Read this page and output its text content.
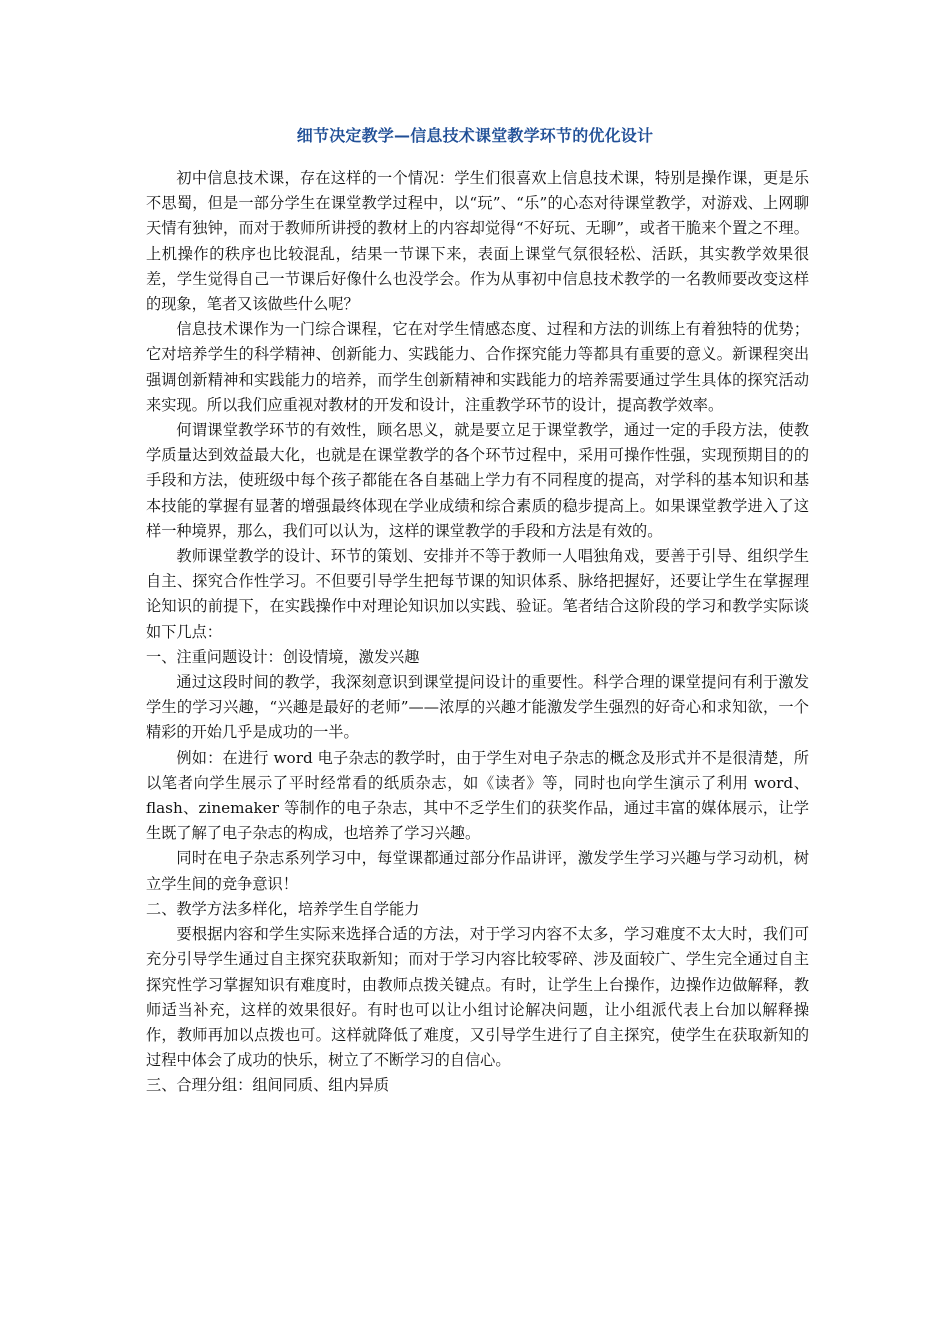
细节决定教学—信息技术课堂教学环节的优化设计

初中信息技术课，存在这样的一个情况：学生们很喜欢上信息技术课，特别是操作课，更是乐不思蜀，但是一部分学生在课堂教学过程中，以“玩”、“乐”的心态对待课堂教学，对游戏、上网聊天情有独钟，而对于教师所讲授的教材上的内容却觉得“不好玩、无聊”，或者干脆来个置之不理。上机操作的秩序也比较混乱，结果一节课下来，表面上课堂气氛很轻松、活跃，其实教学效果很差，学生觉得自己一节课后好像什么也没学会。作为从事初中信息技术教学的一名教师要改变这样的现象，笔者又该做些什么呢？

信息技术课作为一门综合课程，它在对学生情感态度、过程和方法的训练上有着独特的优势；它对培养学生的科学精神、创新能力、实践能力、合作探究能力等都具有重要的意义。新课程突出强调创新精神和实践能力的培养，而学生创新精神和实践能力的培养需要通过学生具体的探究活动来实现。所以我们应重视对教材的开发和设计，注重教学环节的设计，提高教学效率。

何谓课堂教学环节的有效性，顾名思义，就是要立足于课堂教学，通过一定的手段方法，使教学质量达到效益最大化，也就是在课堂教学的各个环节过程中，采用可操作性强，实现预期目的的手段和方法，使班级中每个孩子都能在各自基础上学力有不同程度的提高，对学科的基本知识和基本技能的掌握有显著的增强最终体现在学业成绩和综合素质的稳步提高上。如果课堂教学进入了这样一种境界，那么，我们可以认为，这样的课堂教学的手段和方法是有效的。

教师课堂教学的设计、环节的策划、安排并不等于教师一人唱独角戏，要善于引导、组织学生自主、探究合作性学习。不但要引导学生把每节课的知识体系、脉络把握好，还要让学生在掌握理论知识的前提下，在实践操作中对理论知识加以实践、验证。笔者结合这阶段的学习和教学实际谈如下几点：

一、注重问题设计：创设情境，激发兴趣

通过这段时间的教学，我深刻意识到课堂提问设计的重要性。科学合理的课堂提问有利于激发学生的学习兴趣，“兴趣是最好的老师”——浓厚的兴趣才能激发学生强烈的好奇心和求知欲，一个精彩的开始几乎是成功的一半。

例如：在进行 word 电子杂志的教学时，由于学生对电子杂志的概念及形式并不是很清楚，所以笔者向学生展示了平时经常看的纸质杂志，如《读者》等，同时也向学生演示了利用 word、flash、zinemaker 等制作的电子杂志，其中不乏学生们的获奖作品，通过丰富的媒体展示，让学生既了解了电子杂志的构成，也培养了学习兴趣。

同时在电子杂志系列学习中，每堂课都通过部分作品讲评，激发学生学习兴趣与学习动机，树立学生间的竞争意识！

二、教学方法多样化，培养学生自学能力

要根据内容和学生实际来选择合适的方法，对于学习内容不太多，学习难度不太大时，我们可充分引导学生通过自主探究获取新知；而对于学习内容比较零碎、涉及面较广、学生完全通过自主探究性学习掌握知识有难度时，由教师点拨关键点。有时，让学生上台操作，边操作边做解释，教师适当补充，这样的效果很好。有时也可以让小组讨论解决问题，让小组派代表上台加以解释操作，教师再加以点拨也可。这样就降低了难度，又引导学生进行了自主探究，使学生在获取新知的过程中体会了成功的快乐，树立了不断学习的自信心。

三、合理分组：组间同质、组内异质
